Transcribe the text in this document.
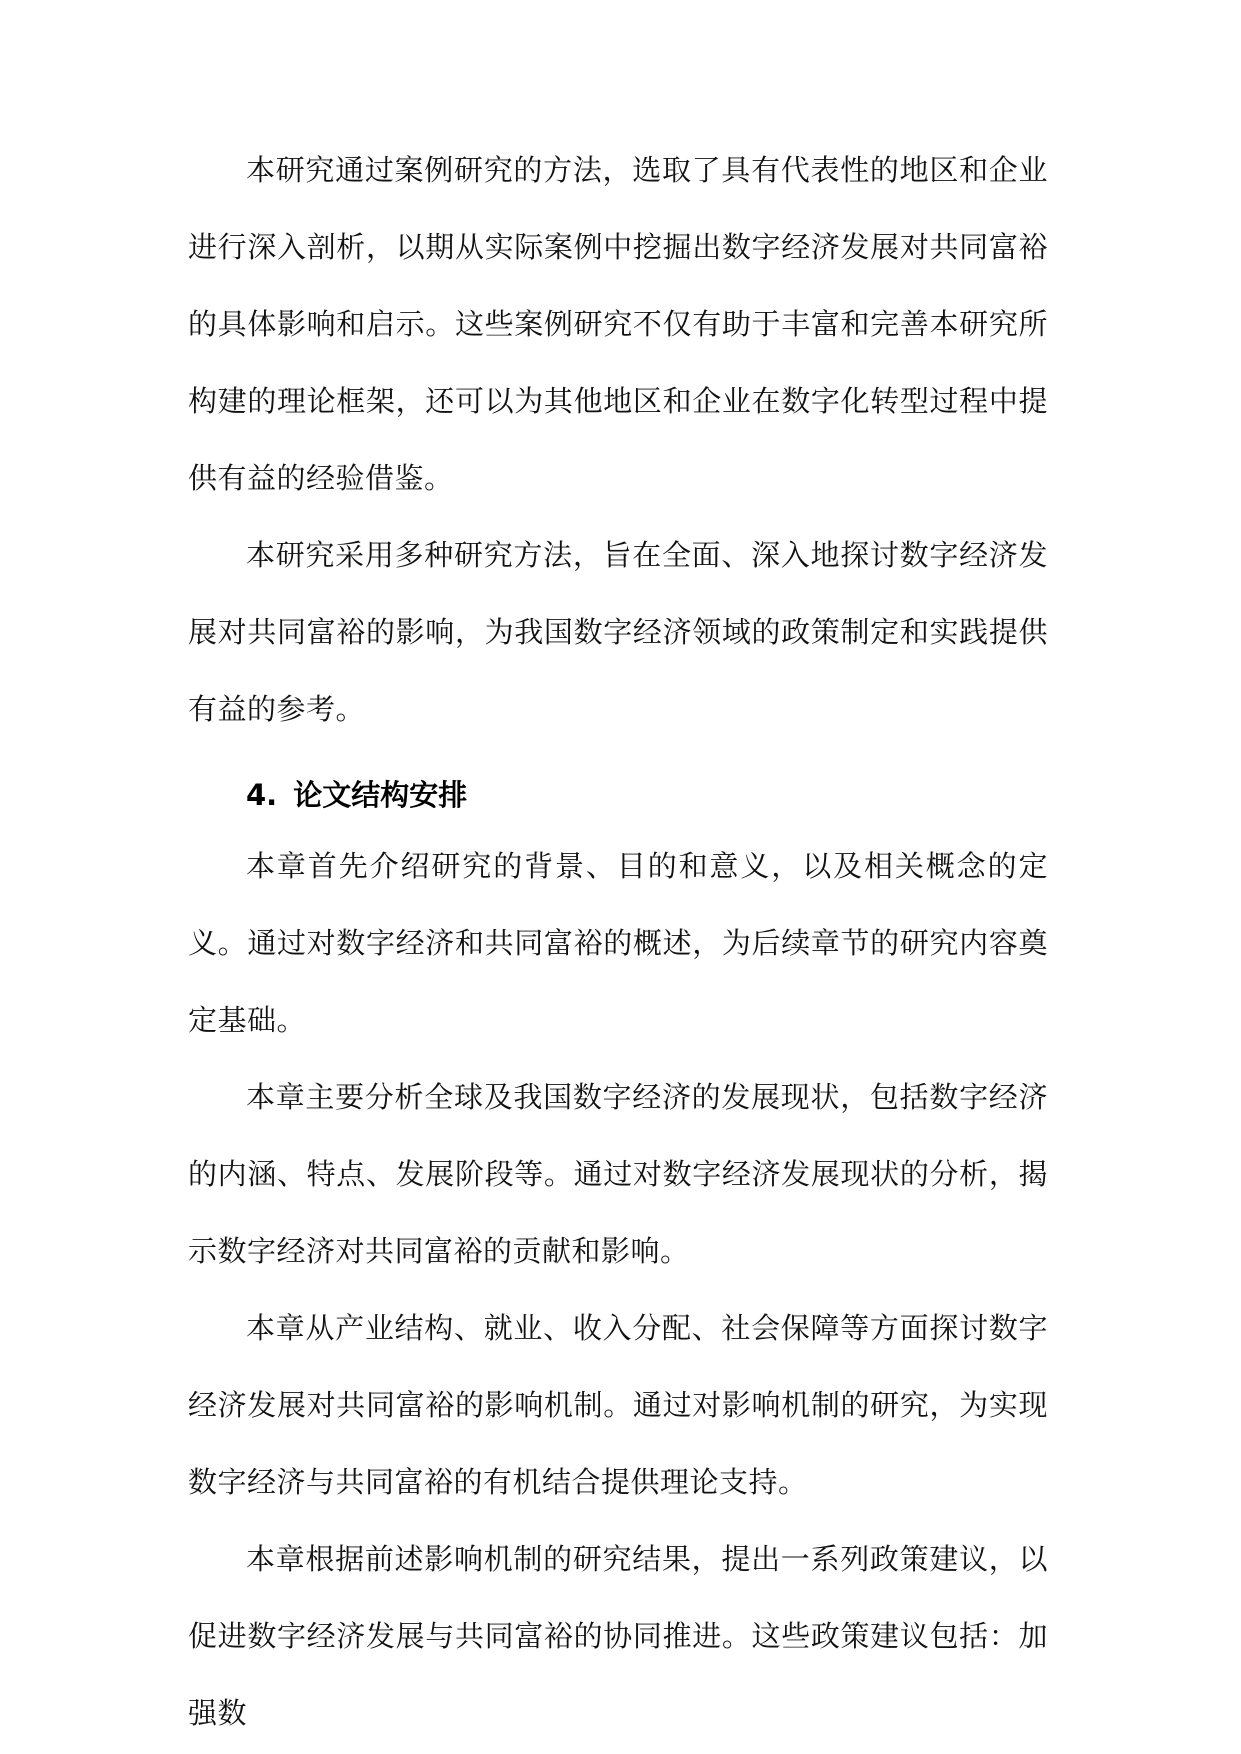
本研究通过案例研究的方法，选取了具有代表性的地区和企业进行深入剖析，以期从实际案例中挖掘出数字经济发展对共同富裕的具体影响和启示。这些案例研究不仅有助于丰富和完善本研究所构建的理论框架，还可以为其他地区和企业在数字化转型过程中提供有益的经验借鉴。

本研究采用多种研究方法，旨在全面、深入地探讨数字经济发展对共同富裕的影响，为我国数字经济领域的政策制定和实践提供有益的参考。

4. 论文结构安排

本章首先介绍研究的背景、目的和意义，以及相关概念的定义。通过对数字经济和共同富裕的概述，为后续章节的研究内容奠定基础。

本章主要分析全球及我国数字经济的发展现状，包括数字经济的内涵、特点、发展阶段等。通过对数字经济发展现状的分析，揭示数字经济对共同富裕的贡献和影响。

本章从产业结构、就业、收入分配、社会保障等方面探讨数字经济发展对共同富裕的影响机制。通过对影响机制的研究，为实现数字经济与共同富裕的有机结合提供理论支持。

本章根据前述影响机制的研究结果，提出一系列政策建议，以促进数字经济发展与共同富裕的协同推进。这些政策建议包括：加强数
